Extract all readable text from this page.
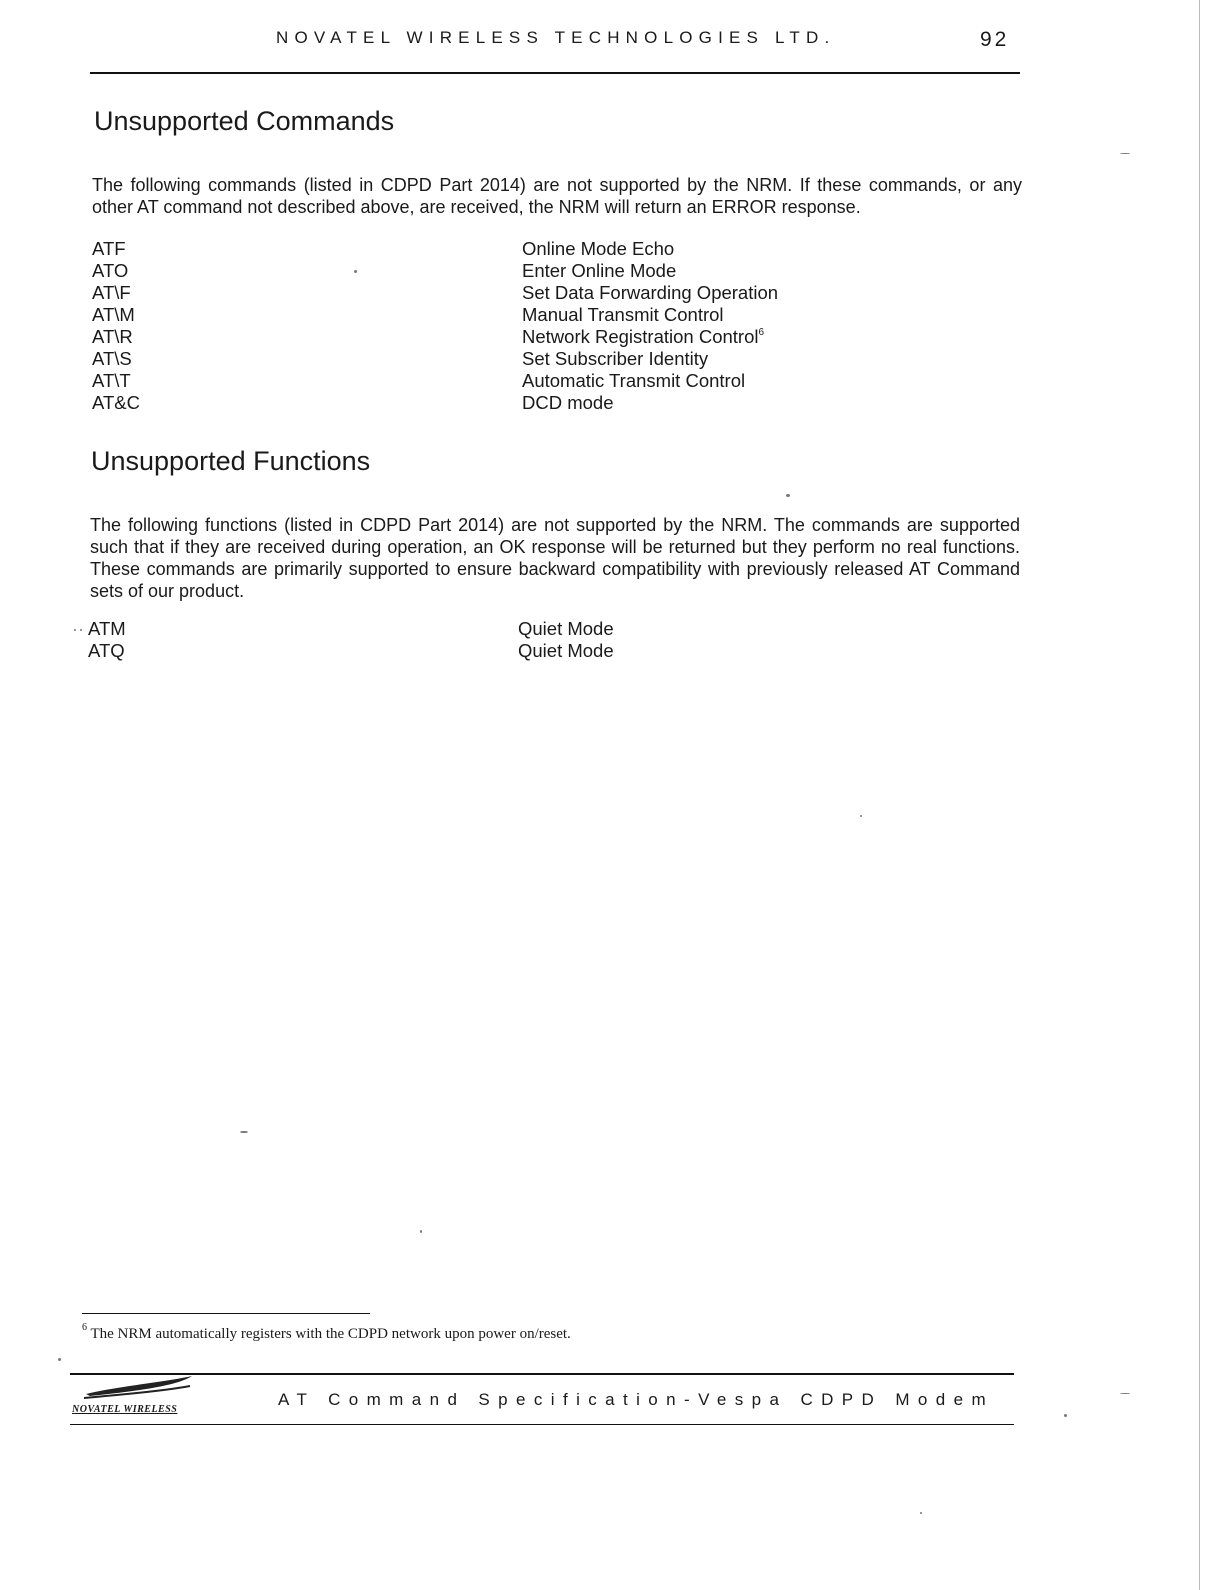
NOVATEL WIRELESS TECHNOLOGIES LTD.	92
Unsupported Commands

The following commands (listed in CDPD Part 2014) are not supported by the NRM. If these commands, or any other AT command not described above, are received, the NRM will return an ERROR response.

ATF	Online Mode Echo
ATO	Enter Online Mode
AT\F	Set Data Forwarding Operation
AT\M	Manual Transmit Control
AT\R	Network Registration Control$^6$
AT\S	Set Subscriber Identity
AT\T	Automatic Transmit Control
AT&C	DCD mode
Unsupported Functions

The following functions (listed in CDPD Part 2014) are not supported by the NRM. The commands are supported such that if they are received during operation, an OK response will be returned but they perform no real functions. These commands are primarily supported to ensure backward compatibility with previously released AT Command sets of our product.

ATM	Quiet Mode
ATQ	Quiet Mode
$^6$ The NRM automatically registers with the CDPD network upon power on/reset.
NOVATEL WIRELESS
AT Command Specification-Vespa CDPD Modem
